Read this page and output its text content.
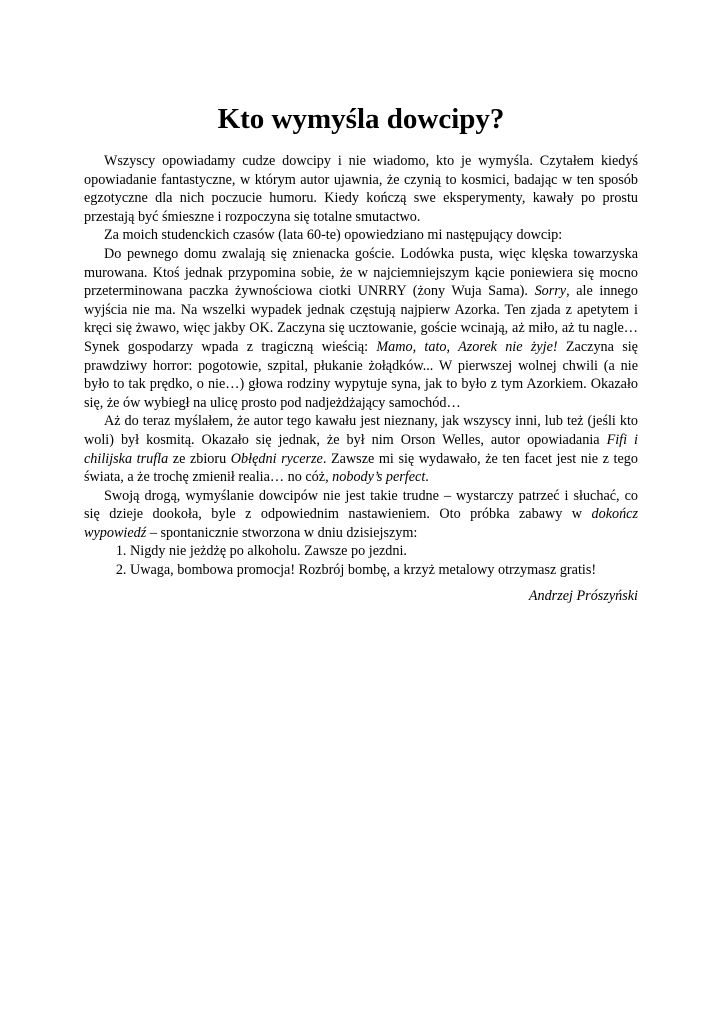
Kto wymyśla dowcipy?

Wszyscy opowiadamy cudze dowcipy i nie wiadomo, kto je wymyśla. Czytałem kiedyś opowiadanie fantastyczne, w którym autor ujawnia, że czynią to kosmici, badając w ten sposób egzotyczne dla nich poczucie humoru. Kiedy kończą swe eksperymenty, kawały po prostu przestają być śmieszne i rozpoczyna się totalne smutactwo.

Za moich studenckich czasów (lata 60-te) opowiedziano mi następujący dowcip:

Do pewnego domu zwalają się znienacka goście. Lodówka pusta, więc klęska towarzyska murowana. Ktoś jednak przypomina sobie, że w najciemniejszym kącie poniewiera się mocno przeterminowana paczka żywnościowa ciotki UNRRY (żony Wuja Sama). Sorry, ale innego wyjścia nie ma. Na wszelki wypadek jednak częstują najpierw Azorka. Ten zjada z apetytem i kręci się żwawo, więc jakby OK. Zaczyna się ucztowanie, goście wcinają, aż miło, aż tu nagle… Synek gospodarzy wpada z tragiczną wieścią: Mamo, tato, Azorek nie żyje! Zaczyna się prawdziwy horror: pogotowie, szpital, płukanie żołądków... W pierwszej wolnej chwili (a nie było to tak prędko, o nie…) głowa rodziny wypytuje syna, jak to było z tym Azorkiem. Okazało się, że ów wybiegł na ulicę prosto pod nadjeżdżający samochód…

Aż do teraz myślałem, że autor tego kawału jest nieznany, jak wszyscy inni, lub też (jeśli kto woli) był kosmitą. Okazało się jednak, że był nim Orson Welles, autor opowiadania Fifi i chilijska trufla ze zbioru Obłędni rycerze. Zawsze mi się wydawało, że ten facet jest nie z tego świata, a że trochę zmienił realia… no cóż, nobody’s perfect.

Swoją drogą, wymyślanie dowcipów nie jest takie trudne – wystarczy patrzeć i słuchać, co się dzieje dookoła, byle z odpowiednim nastawieniem. Oto próbka zabawy w dokończ wypowiedź – spontanicznie stworzona w dniu dzisiejszym:

1. Nigdy nie jeżdżę po alkoholu. Zawsze po jezdni.
2. Uwaga, bombowa promocja! Rozbrój bombę, a krzyż metalowy otrzymasz gratis!
Andrzej Prószyński
